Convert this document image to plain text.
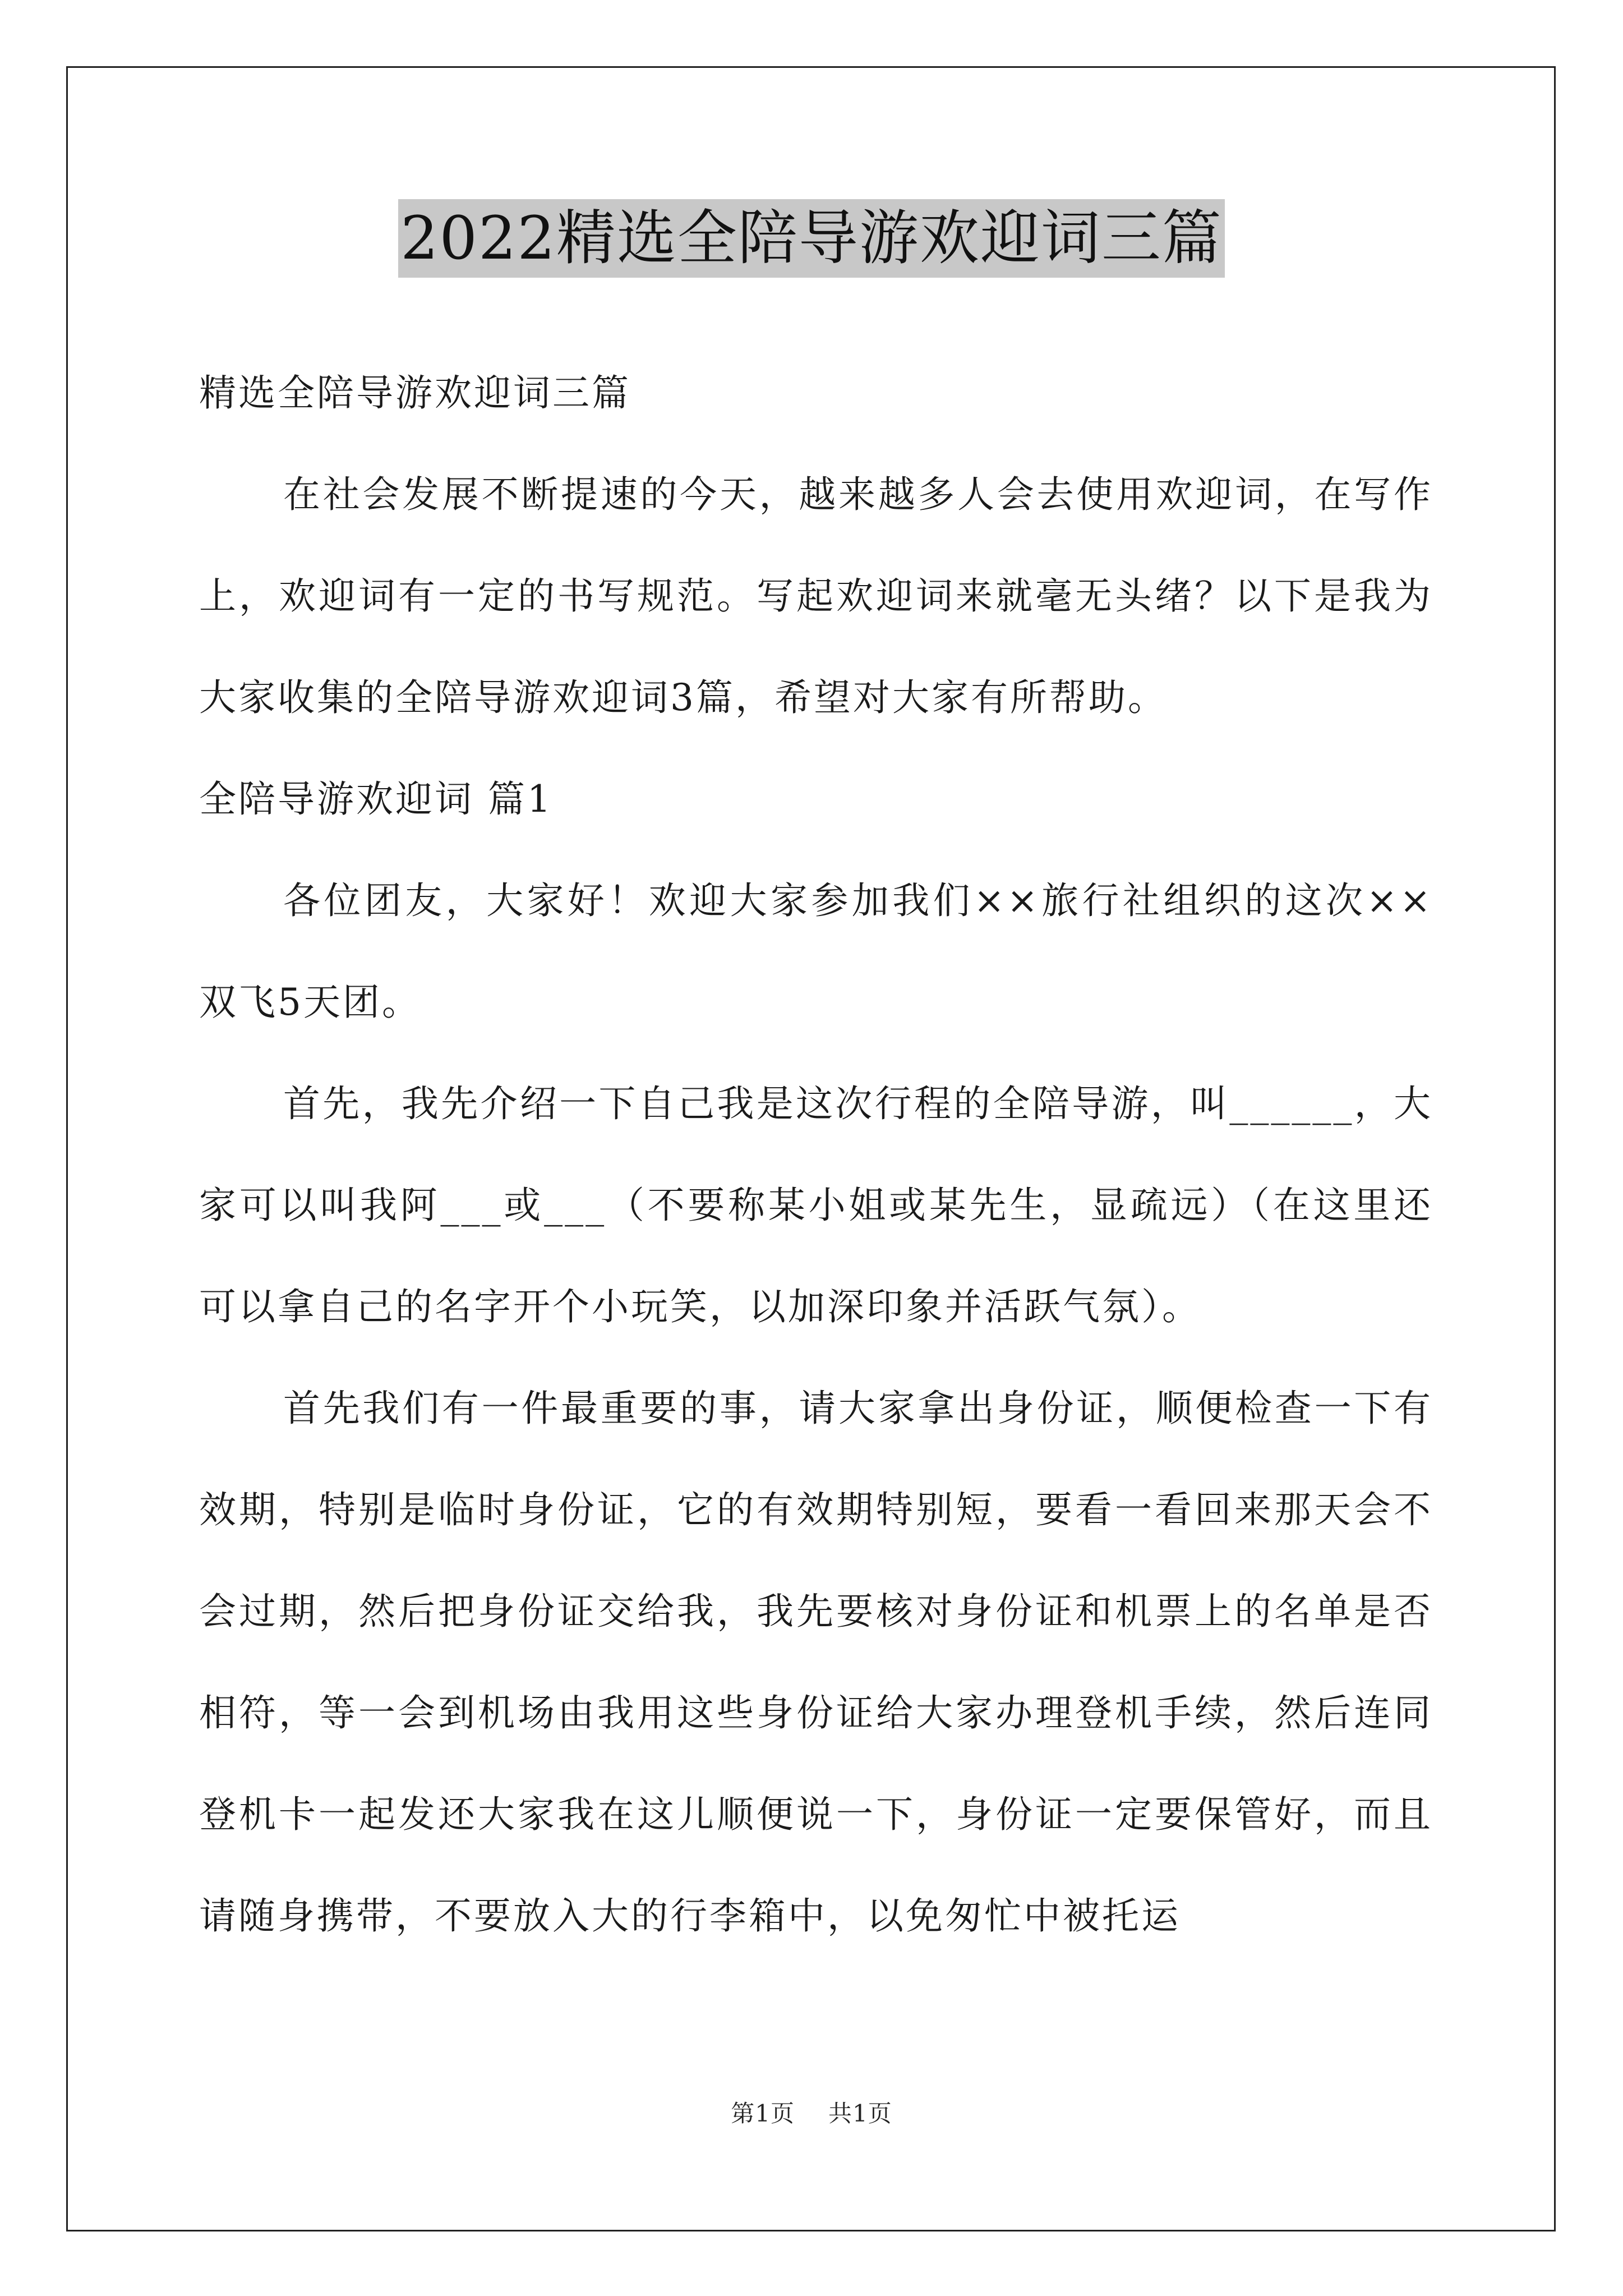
2022精选全陪导游欢迎词三篇

精选全陪导游欢迎词三篇

在社会发展不断提速的今天，越来越多人会去使用欢迎词，在写作上，欢迎词有一定的书写规范。写起欢迎词来就毫无头绪？以下是我为大家收集的全陪导游欢迎词3篇，希望对大家有所帮助。

全陪导游欢迎词 篇1

各位团友，大家好！欢迎大家参加我们××旅行社组织的这次××双飞5天团。

首先，我先介绍一下自己我是这次行程的全陪导游，叫______，大家可以叫我阿___或___（不要称某小姐或某先生，显疏远）（在这里还可以拿自己的名字开个小玩笑，以加深印象并活跃气氛）。

首先我们有一件最重要的事，请大家拿出身份证，顺便检查一下有效期，特别是临时身份证，它的有效期特别短，要看一看回来那天会不会过期，然后把身份证交给我，我先要核对身份证和机票上的名单是否相符，等一会到机场由我用这些身份证给大家办理登机手续，然后连同登机卡一起发还大家我在这儿顺便说一下，身份证一定要保管好，而且请随身携带，不要放入大的行李箱中，以免匆忙中被托运

第1页 共1页
